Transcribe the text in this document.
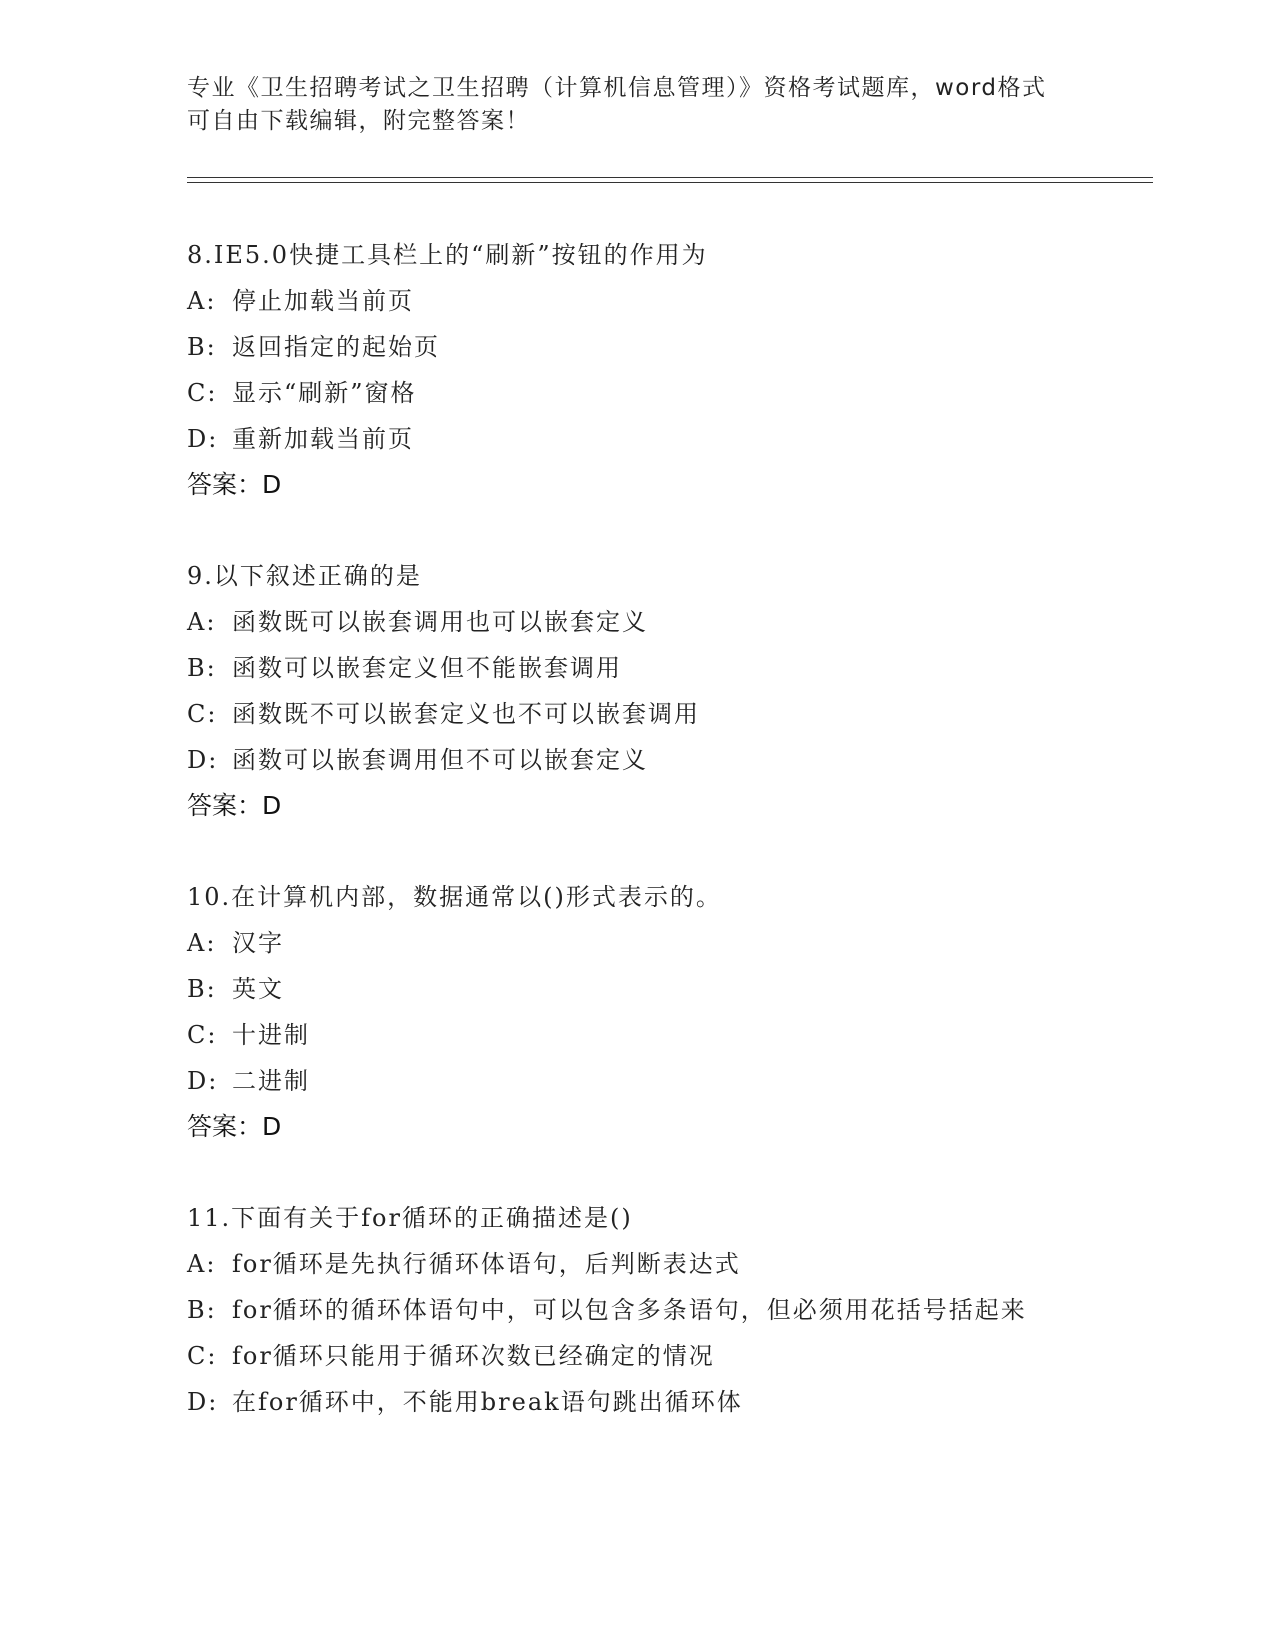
专业《卫生招聘考试之卫生招聘（计算机信息管理）》资格考试题库，word格式
可自由下载编辑，附完整答案！
8.IE5.0快捷工具栏上的“刷新”按钮的作用为
A: 停止加载当前页
B: 返回指定的起始页
C: 显示“刷新”窗格
D: 重新加载当前页
答案：D
9.以下叙述正确的是
A: 函数既可以嵌套调用也可以嵌套定义
B: 函数可以嵌套定义但不能嵌套调用
C: 函数既不可以嵌套定义也不可以嵌套调用
D: 函数可以嵌套调用但不可以嵌套定义
答案：D
10.在计算机内部，数据通常以()形式表示的。
A: 汉字
B: 英文
C: 十进制
D: 二进制
答案：D
11.下面有关于for循环的正确描述是()
A: for循环是先执行循环体语句，后判断表达式
B: for循环的循环体语句中，可以包含多条语句，但必须用花括号括起来
C: for循环只能用于循环次数已经确定的情况
D: 在for循环中，不能用break语句跳出循环体
